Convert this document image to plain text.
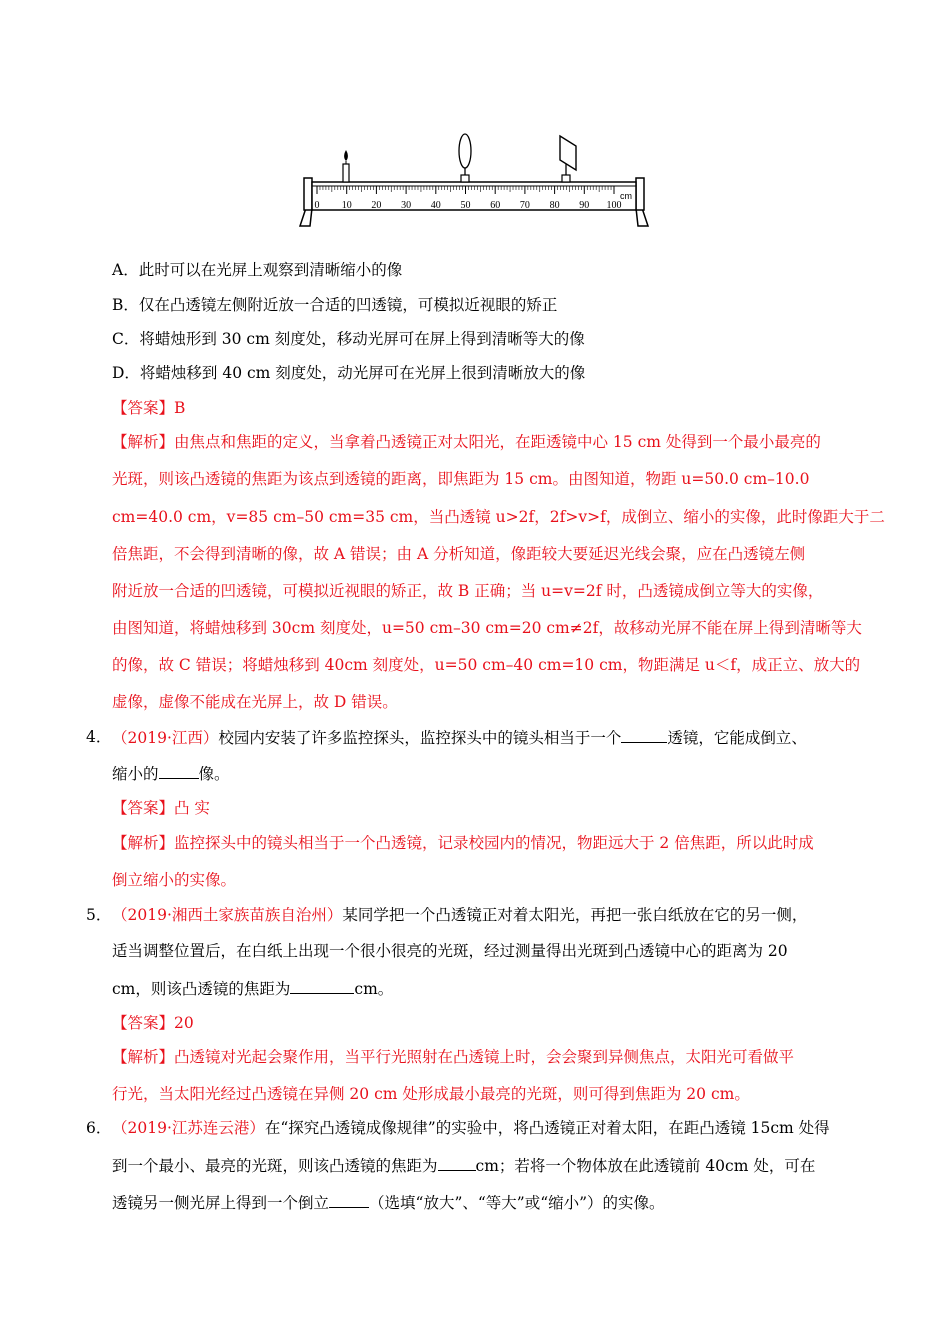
0 10 20 30 40 50 60 70 80 90 100
cm
A．此时可以在光屏上观察到清晰缩小的像
B．仅在凸透镜左侧附近放一合适的凹透镜，可模拟近视眼的矫正
C．将蜡烛形到 30 cm 刻度处，移动光屏可在屏上得到清晰等大的像
D．将蜡烛移到 40 cm 刻度处，动光屏可在光屏上很到清晰放大的像
【答案】B
【解析】由焦点和焦距的定义，当拿着凸透镜正对太阳光，在距透镜中心 15 cm 处得到一个最小最亮的
光斑，则该凸透镜的焦距为该点到透镜的距离，即焦距为 15 cm。由图知道，物距 u=50.0 cm–10.0
cm=40.0 cm，v=85 cm–50 cm=35 cm，当凸透镜 u>2f，2f>v>f，成倒立、缩小的实像，此时像距大于二
倍焦距，不会得到清晰的像，故 A 错误；由 A 分析知道，像距较大要延迟光线会聚，应在凸透镜左侧
附近放一合适的凹透镜，可模拟近视眼的矫正，故 B 正确；当 u=v=2f 时，凸透镜成倒立等大的实像，
由图知道，将蜡烛移到 30cm 刻度处，u=50 cm–30 cm=20 cm≠2f，故移动光屏不能在屏上得到清晰等大
的像，故 C 错误；将蜡烛移到 40cm 刻度处，u=50 cm–40 cm=10 cm，物距满足 u＜f，成正立、放大的
虚像，虚像不能成在光屏上，故 D 错误。
4． （2019·江西）校园内安装了许多监控探头，监控探头中的镜头相当于一个	透镜，它能成倒立、
缩小的	像。
【答案】凸 实
【解析】监控探头中的镜头相当于一个凸透镜，记录校园内的情况，物距远大于 2 倍焦距，所以此时成
倒立缩小的实像。
5． （2019·湘西土家族苗族自治州）某同学把一个凸透镜正对着太阳光，再把一张白纸放在它的另一侧，
适当调整位置后，在白纸上出现一个很小很亮的光斑，经过测量得出光斑到凸透镜中心的距离为 20
cm，则该凸透镜的焦距为	cm。
【答案】20
【解析】凸透镜对光起会聚作用，当平行光照射在凸透镜上时，会会聚到异侧焦点，太阳光可看做平
行光，当太阳光经过凸透镜在异侧 20 cm 处形成最小最亮的光斑，则可得到焦距为 20 cm。
6． （2019·江苏连云港）在“探究凸透镜成像规律”的实验中，将凸透镜正对着太阳，在距凸透镜 15cm 处得
到一个最小、最亮的光斑，则该凸透镜的焦距为 cm；若将一个物体放在此透镜前 40cm 处，可在
透镜另一侧光屏上得到一个倒立	（选填“放大”、“等大”或“缩小”）的实像。
